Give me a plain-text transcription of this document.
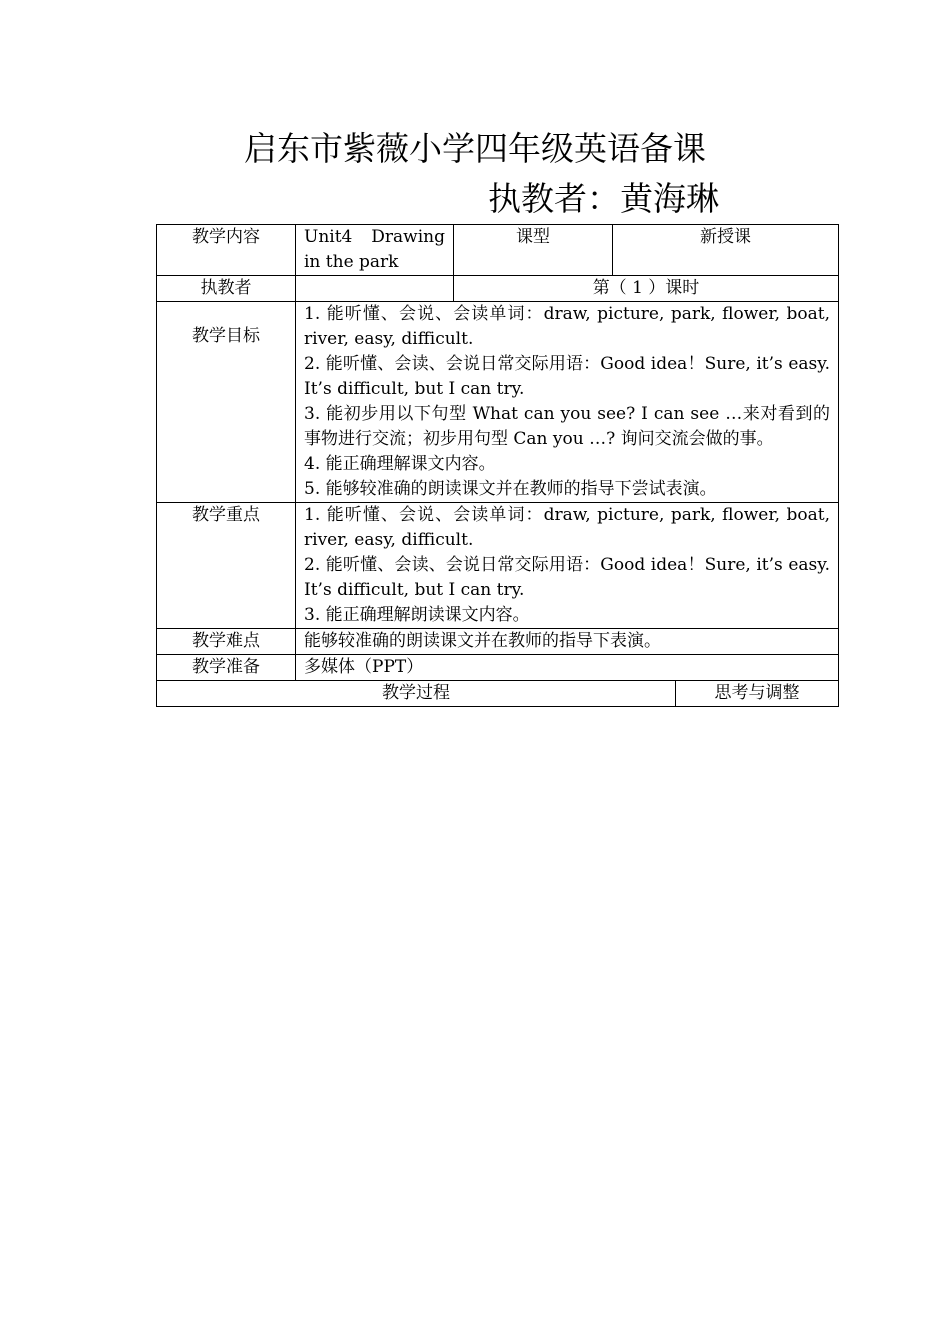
启东市紫薇小学四年级英语备课
执教者：黄海琳
教学内容	Unit4 Drawing in the park	课型	新授课	
执教者		第（ 1 ）课时		
教学目标	1. 能听懂、会说、会读单词：draw, picture, park, flower, boat, river, easy, difficult.
2. 能听懂、会读、会说日常交际用语：Good idea！Sure, it’s easy. It’s difficult, but I can try.
3. 能初步用以下句型 What can you see? I can see …来对看到的事物进行交流；初步用句型 Can you …? 询问交流会做的事。
4. 能正确理解课文内容。
5. 能够较准确的朗读课文并在教师的指导下尝试表演。			

教学重点	1. 能听懂、会说、会读单词：draw, picture, park, flower, boat, river, easy, difficult.
2. 能听懂、会读、会说日常交际用语：Good idea！Sure, it’s easy. It’s difficult, but I can try.
3. 能正确理解朗读课文内容。			

教学难点	能够较准确的朗读课文并在教师的指导下表演。			
教学准备	多媒体（PPT）			
教学过程				思考与调整
